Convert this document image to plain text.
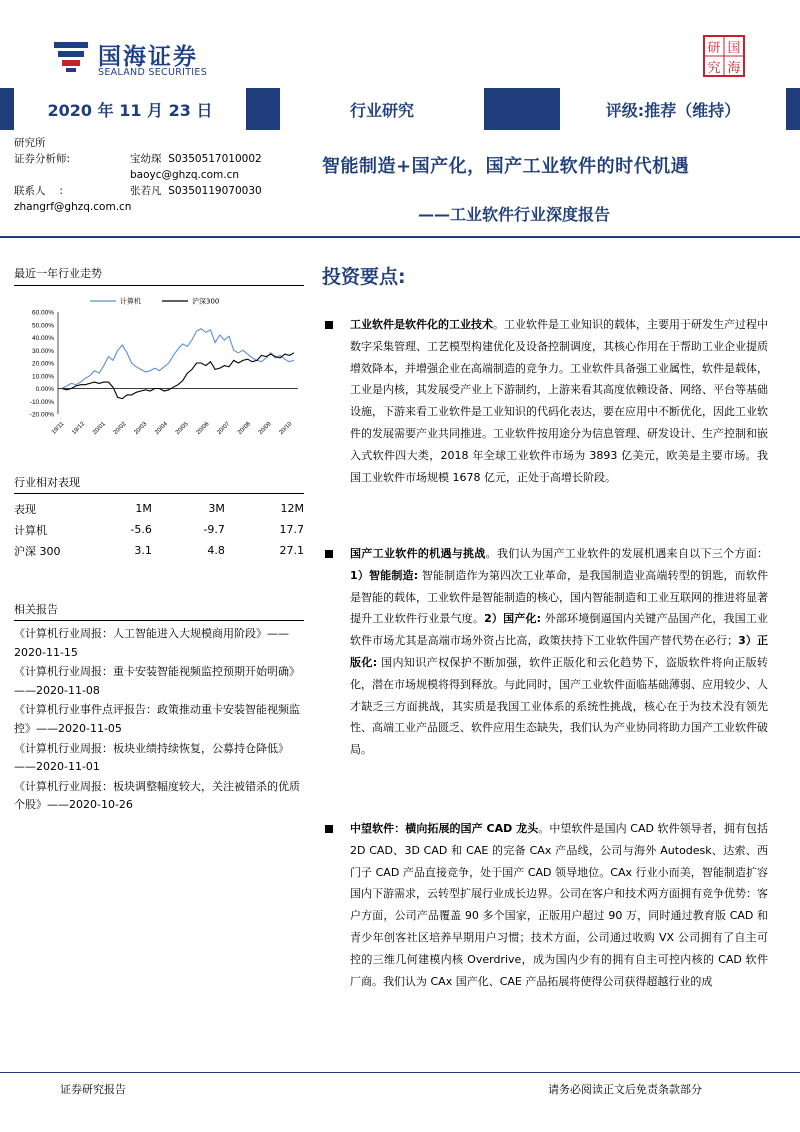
国海证券
SEALAND SECURITIES
研 国
究 海
2020 年 11 月 23 日	行业研究	评级:推荐（维持）
研究所
证券分析师:	宝幼琛 S0350517010002
baoyc@ghzq.com.cn
联系人　 :	张若凡 S0350119070030
zhangrf@ghzq.com.cn
智能制造+国产化，国产工业软件的时代机遇
——工业软件行业深度报告
最近一年行业走势
60.00%
50.00%
40.00%
30.00%
20.00%
10.00%
0.00%
-10.00%
-20.00%
19/11 19/12 20/01 20/02 20/03 20/04 20/05 20/06 20/07 20/08 20/09 20/10
计算机	沪深300
行业相对表现
表现	1M	3M	12M
计算机	-5.6	-9.7	17.7
沪深 300	3.1	4.8	27.1
相关报告
《计算机行业周报：人工智能进入大规模商用阶段》——2020-11-15
《计算机行业周报：重卡安装智能视频监控预期开始明确》——2020-11-08
《计算机行业事件点评报告：政策推动重卡安装智能视频监控》——2020-11-05
《计算机行业周报：板块业绩持续恢复，公募持仓降低》——2020-11-01
《计算机行业周报：板块调整幅度较大，关注被错杀的优质个股》——2020-10-26
投资要点:
工业软件是软件化的工业技术。工业软件是工业知识的载体，主要用于研发生产过程中数字采集管理、工艺模型构建优化及设备控制调度，其核心作用在于帮助工业企业提质增效降本，并增强企业在高端制造的竞争力。工业软件具备强工业属性，软件是载体，工业是内核，其发展受产业上下游制约，上游来看其高度依赖设备、网络、平台等基础设施，下游来看工业软件是工业知识的代码化表达，要在应用中不断优化，因此工业软件的发展需要产业共同推进。工业软件按用途分为信息管理、研发设计、生产控制和嵌入式软件四大类，2018 年全球工业软件市场为 3893 亿美元，欧美是主要市场。我国工业软件市场规模 1678 亿元，正处于高增长阶段。
国产工业软件的机遇与挑战。我们认为国产工业软件的发展机遇来自以下三个方面：1）智能制造: 智能制造作为第四次工业革命，是我国制造业高端转型的钥匙，而软件是智能的载体，工业软件是智能制造的核心，国内智能制造和工业互联网的推进将显著提升工业软件行业景气度。2）国产化: 外部环境倒逼国内关键产品国产化，我国工业软件市场尤其是高端市场外资占比高，政策扶持下工业软件国产替代势在必行；3）正版化: 国内知识产权保护不断加强，软件正版化和云化趋势下，盗版软件将向正版转化，潜在市场规模将得到释放。与此同时，国产工业软件面临基础薄弱、应用较少、人才缺乏三方面挑战，其实质是我国工业体系的系统性挑战，核心在于为技术没有领先性、高端工业产品匮乏、软件应用生态缺失，我们认为产业协同将助力国产工业软件破局。
中望软件：横向拓展的国产 CAD 龙头。中望软件是国内 CAD 软件领导者，拥有包括 2D CAD、3D CAD 和 CAE 的完备 CAx 产品线，公司与海外 Autodesk、达索、西门子 CAD 产品直接竞争，处于国产 CAD 领导地位。CAx 行业小而美，智能制造扩容国内下游需求，云转型扩展行业成长边界。公司在客户和技术两方面拥有竞争优势：客户方面，公司产品覆盖 90 多个国家，正版用户超过 90 万，同时通过教育版 CAD 和青少年创客社区培养早期用户习惯；技术方面，公司通过收购 VX 公司拥有了自主可控的三维几何建模内核 Overdrive，成为国内少有的拥有自主可控内核的 CAD 软件厂商。我们认为 CAx 国产化、CAE 产品拓展将使得公司获得超越行业的成
证券研究报告	请务必阅读正文后免责条款部分
